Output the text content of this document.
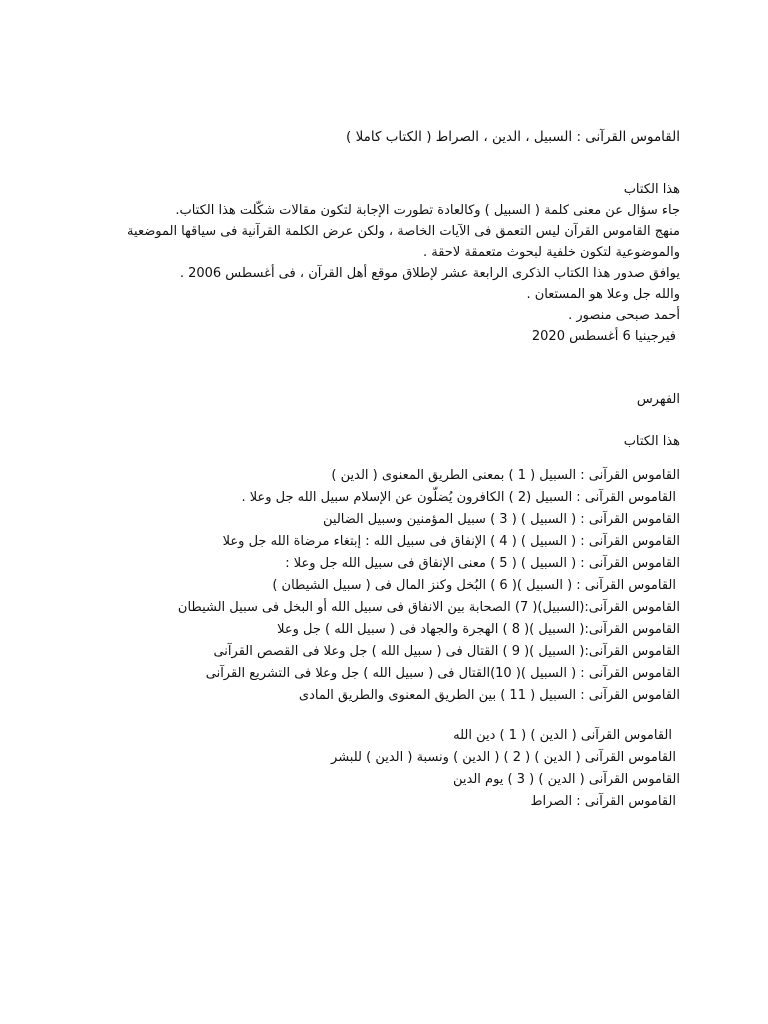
القاموس القرآنى : السبيل ، الدين ، الصراط ( الكتاب كاملا )
هذا الكتاب
جاء سؤال عن معنى كلمة ( السبيل ) وكالعادة تطورت الإجابة لتكون مقالات شكّلت هذا الكتاب.
منهج القاموس القرآن ليس التعمق فى الآيات الخاصة ، ولكن عرض الكلمة القرآنية فى سياقها الموضعية
والموضوعية لتكون خلفية لبحوث متعمقة لاحقة .
يوافق صدور هذا الكتاب الذكرى الرابعة عشر لإطلاق موقع أهل القرآن ، فى أغسطس 2006 .
والله جل وعلا هو المستعان .
أحمد صبحى منصور .
فيرجينيا 6 أغسطس 2020
الفهرس
هذا الكتاب
القاموس القرآنى : السبيل ( 1 ) بمعنى الطريق المعنوى ( الدين )
القاموس القرآنى : السبيل (2 ) الكافرون يُضلّون عن الإسلام سبيل الله جل وعلا .
القاموس القرآنى : ( السبيل ) ( 3 ) سبيل المؤمنين وسبيل الضالين
القاموس القرآنى : ( السبيل ) ( 4 ) الإنفاق فى سبيل الله : إبتغاء مرضاة الله جل وعلا
القاموس القرآنى : ( السبيل ) ( 5 ) معنى الإنفاق فى سبيل الله جل وعلا :
القاموس القرآنى : ( السبيل )( 6 ) البُخل وكنز المال فى ( سبيل الشيطان )
القاموس القرآنى:(السبيل)( 7) الصحابة بين الانفاق فى سبيل الله أو البخل فى سبيل الشيطان
القاموس القرآنى:( السبيل )( 8 ) الهجرة والجهاد فى ( سبيل الله ) جل وعلا
القاموس القرآنى:( السبيل )( 9 ) القتال فى ( سبيل الله ) جل وعلا فى القصص القرآنى
القاموس القرآنى : ( السبيل )( 10)القتال فى ( سبيل الله ) جل وعلا فى التشريع القرآنى
القاموس القرآنى : السبيل ( 11 ) بين الطريق المعنوى والطريق المادى
القاموس القرآنى ( الدين ) ( 1 ) دين الله
القاموس القرآنى ( الدين ) ( 2 ) ( الدين ) ونسبة ( الدين ) للبشر
القاموس القرآنى ( الدين ) ( 3 ) يوم الدين
القاموس القرآنى : الصراط
